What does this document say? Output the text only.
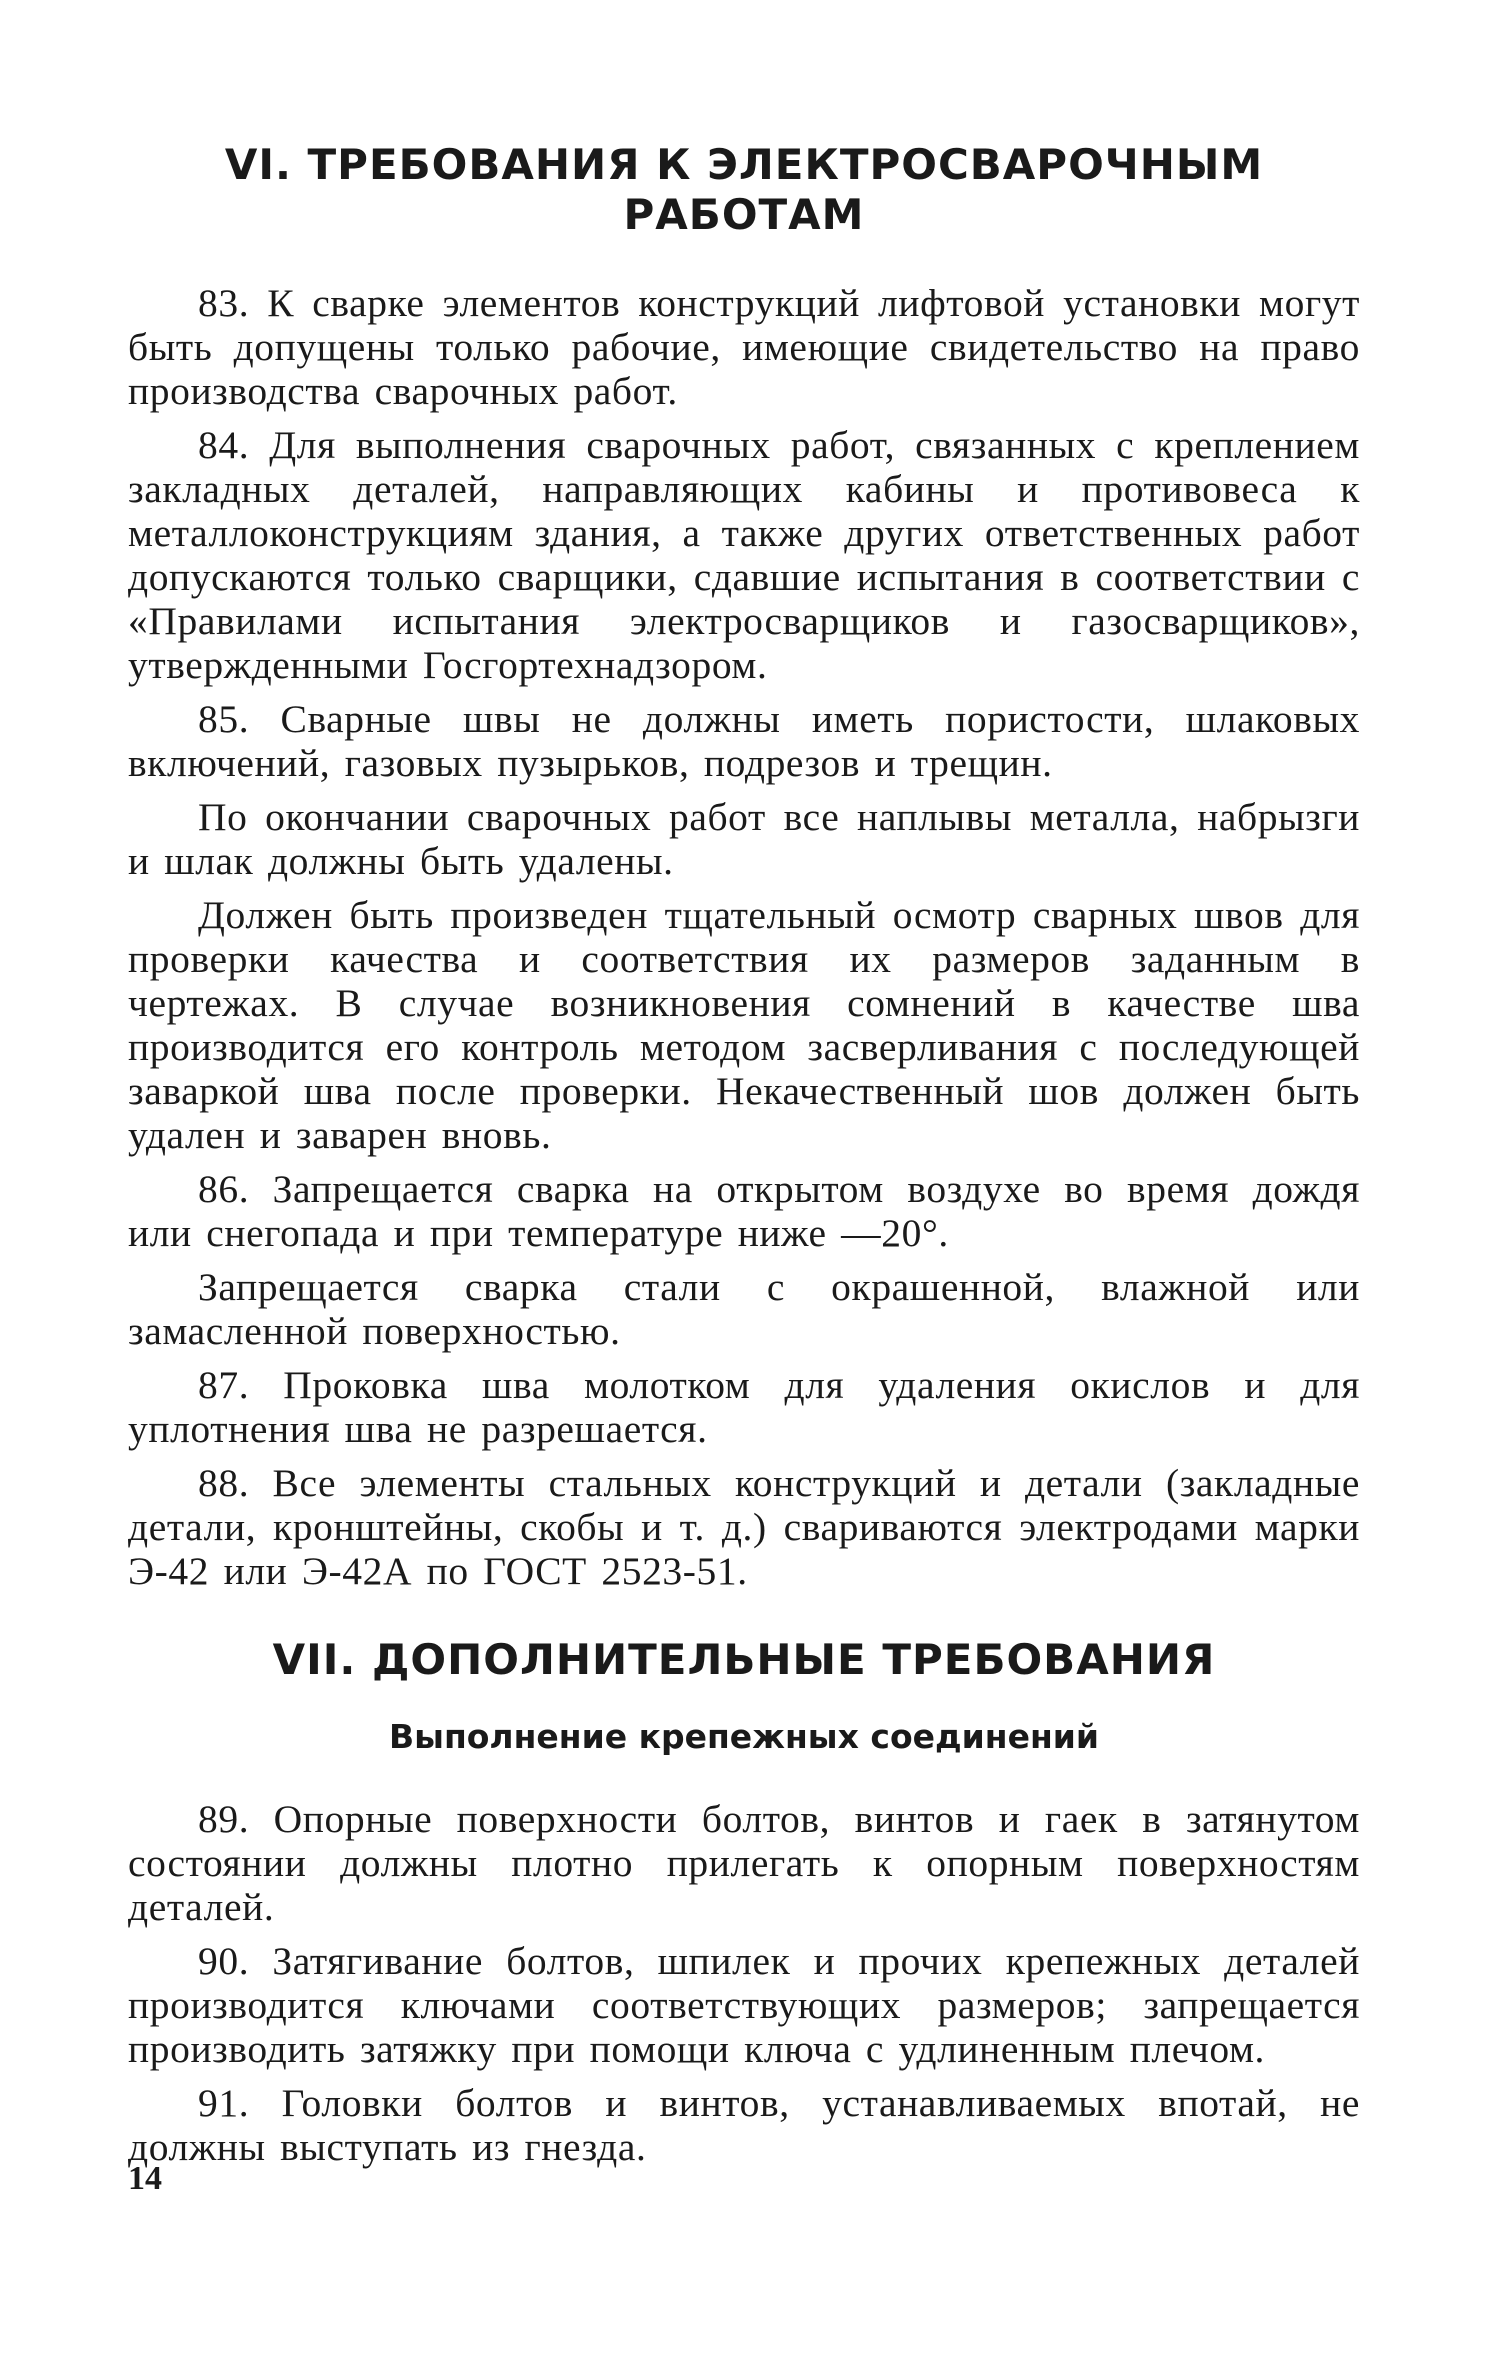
VI. ТРЕБОВАНИЯ К ЭЛЕКТРОСВАРОЧНЫМ РАБОТАМ

83. К сварке элементов конструкций лифтовой установки могут быть допущены только рабочие, имеющие свидетельство на право производства сварочных работ.

84. Для выполнения сварочных работ, связанных с креплением закладных деталей, направляющих кабины и противовеса к металлоконструкциям здания, а также других ответственных работ допускаются только сварщики, сдавшие испытания в соответствии с «Правилами испытания электросварщиков и газосварщиков», утвержденными Госгортехнадзором.

85. Сварные швы не должны иметь пористости, шлаковых включений, газовых пузырьков, подрезов и трещин.

По окончании сварочных работ все наплывы металла, набрызги и шлак должны быть удалены.

Должен быть произведен тщательный осмотр сварных швов для проверки качества и соответствия их размеров заданным в чертежах. В случае возникновения сомнений в качестве шва производится его контроль методом засверливания с последующей заваркой шва после проверки. Некачественный шов должен быть удален и заварен вновь.

86. Запрещается сварка на открытом воздухе во время дождя или снегопада и при температуре ниже —20°.

Запрещается сварка стали с окрашенной, влажной или замасленной поверхностью.

87. Проковка шва молотком для удаления окислов и для уплотнения шва не разрешается.

88. Все элементы стальных конструкций и детали (закладные детали, кронштейны, скобы и т. д.) свариваются электродами марки Э-42 или Э-42А по ГОСТ 2523-51.

VII. ДОПОЛНИТЕЛЬНЫЕ ТРЕБОВАНИЯ
Выполнение крепежных соединений

89. Опорные поверхности болтов, винтов и гаек в затянутом состоянии должны плотно прилегать к опорным поверхностям деталей.

90. Затягивание болтов, шпилек и прочих крепежных деталей производится ключами соответствующих размеров; запрещается производить затяжку при помощи ключа с удлиненным плечом.

91. Головки болтов и винтов, устанавливаемых впотай, не должны выступать из гнезда.

14
